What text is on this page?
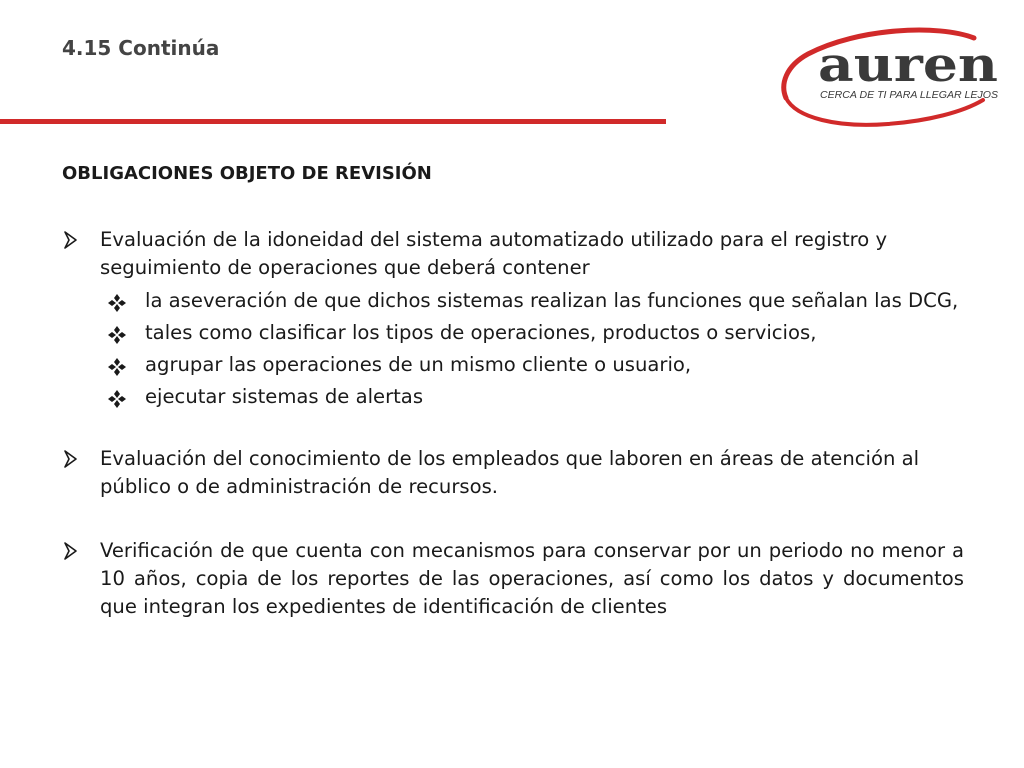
4.15 Continúa	auren
CERCA DE TI PARA LLEGAR LEJOS
OBLIGACIONES OBJETO DE REVISIÓN
Evaluación de la idoneidad del sistema automatizado utilizado para el registro y seguimiento de operaciones que deberá contener
la aseveración de que dichos sistemas realizan las funciones que señalan las DCG,
tales como clasificar los tipos de operaciones, productos o servicios,
agrupar las operaciones de un mismo cliente o usuario,
ejecutar sistemas de alertas
Evaluación del conocimiento de los empleados que laboren en áreas de atención al público o de administración de recursos.
Verificación de que cuenta con mecanismos para conservar por un periodo no menor a 10 años, copia de los reportes de las operaciones, así como los datos y documentos que integran los expedientes de identificación de clientes
